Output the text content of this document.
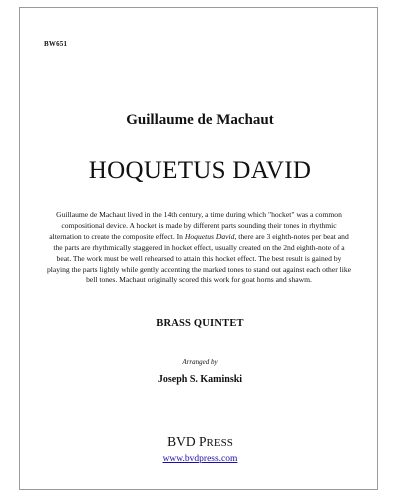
BW651
Guillaume de Machaut
HOQUETUS DAVID
Guillaume de Machaut lived in the 14th century, a time during which "hocket" was a common compositional device. A hocket is made by different parts sounding their tones in rhythmic alternation to create the composite effect. In Hoquetus David, there are 3 eighth-notes per beat and the parts are rhythmically staggered in hocket effect, usually created on the 2nd eighth-note of a beat. The work must be well rehearsed to attain this hocket effect. The best result is gained by playing the parts lightly while gently accenting the marked tones to stand out against each other like bell tones. Machaut originally scored this work for goat horns and shawm.
BRASS QUINTET
Arranged by
Joseph S. Kaminski
BVD PRESS
www.bvdpress.com
